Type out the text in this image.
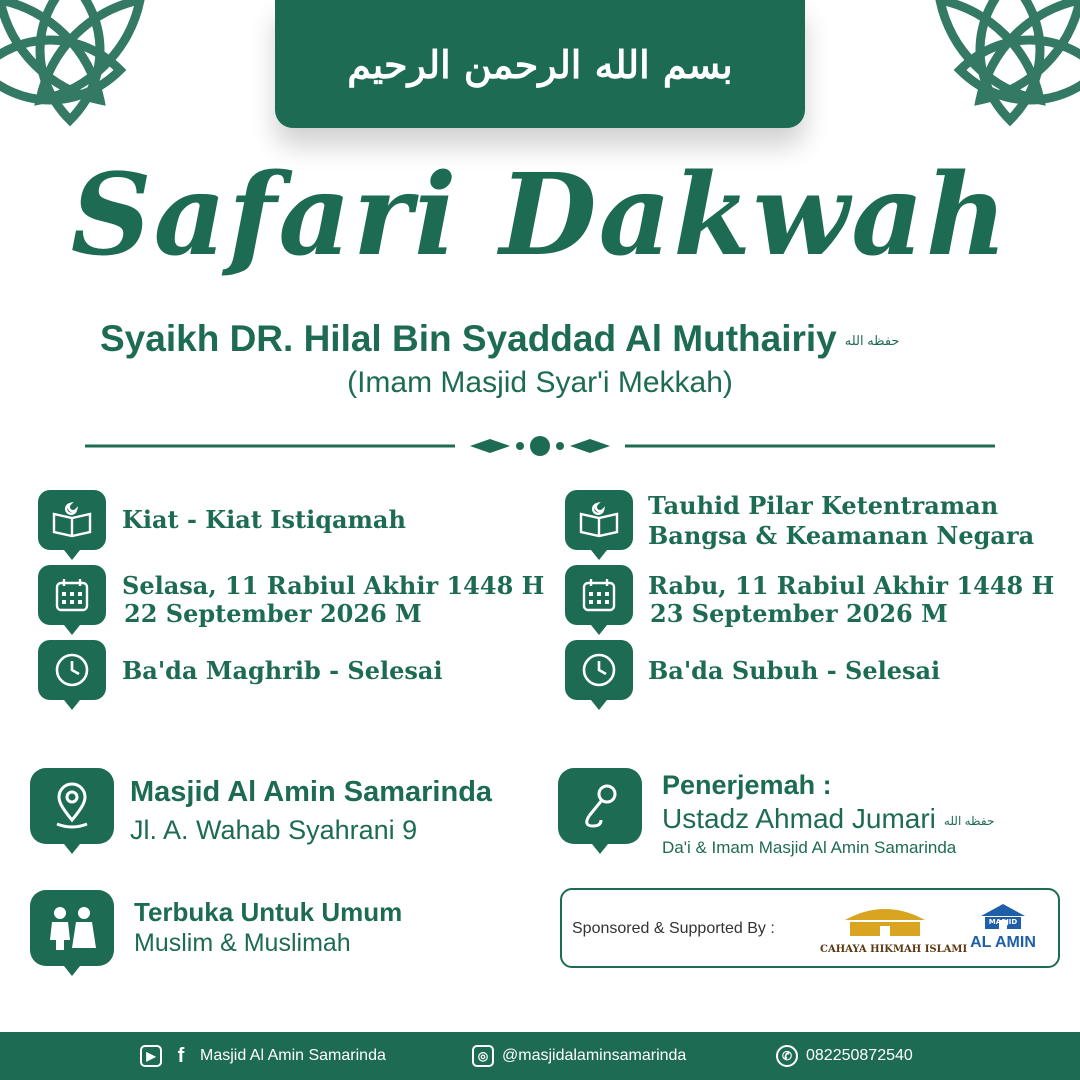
بسم الله الرحمن الرحيم
Safari Dakwah
Syaikh DR. Hilal Bin Syaddad Al Muthairiy حفظه الله
(Imam Masjid Syar'i Mekkah)
Kiat - Kiat Istiqamah
Selasa, 11 Rabiul Akhir 1448 H
22 September 2026 M
Ba'da Maghrib - Selesai
Tauhid Pilar Ketentraman
Bangsa & Keamanan Negara
Rabu, 11 Rabiul Akhir 1448 H
23 September 2026 M
Ba'da Subuh - Selesai
Masjid Al Amin Samarinda
Jl. A. Wahab Syahrani 9
Penerjemah :
Ustadz Ahmad Jumari حفظه الله
Da'i & Imam Masjid Al Amin Samarinda
Terbuka Untuk Umum
Muslim & Muslimah
Sponsored & Supported By :
CAHAYA HIKMAH ISLAMI
MASJID
AL AMIN
▶	f Masjid Al Amin Samarinda	◎ @masjidalaminsamarinda	✆ 082250872540
